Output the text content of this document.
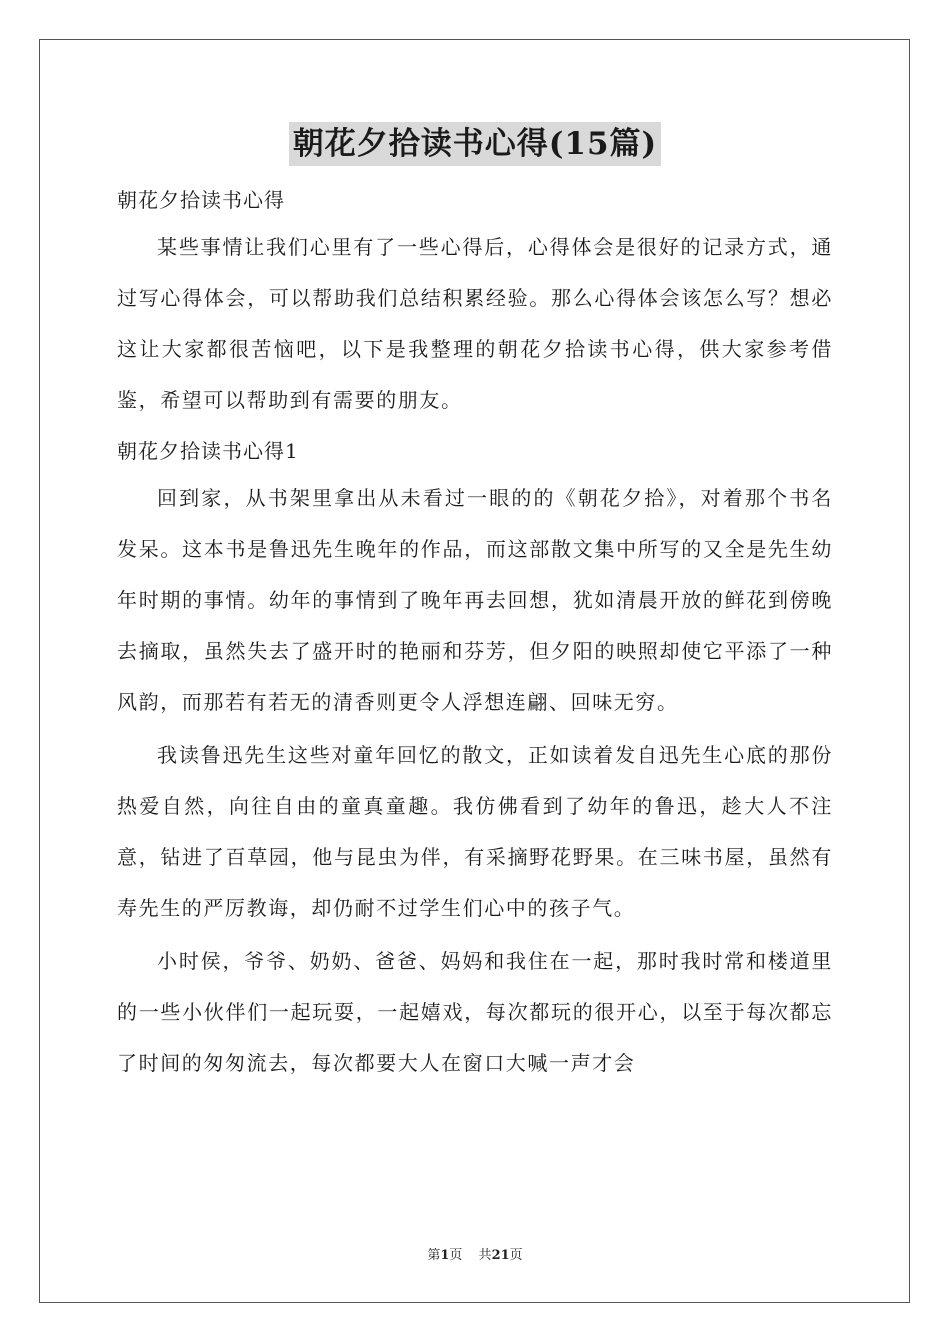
朝花夕拾读书心得(15篇)

朝花夕拾读书心得

某些事情让我们心里有了一些心得后，心得体会是很好的记录方式，通过写心得体会，可以帮助我们总结积累经验。那么心得体会该怎么写？想必这让大家都很苦恼吧，以下是我整理的朝花夕拾读书心得，供大家参考借鉴，希望可以帮助到有需要的朋友。

朝花夕拾读书心得1

回到家，从书架里拿出从未看过一眼的的《朝花夕拾》，对着那个书名发呆。这本书是鲁迅先生晚年的作品，而这部散文集中所写的又全是先生幼年时期的事情。幼年的事情到了晚年再去回想，犹如清晨开放的鲜花到傍晚去摘取，虽然失去了盛开时的艳丽和芬芳，但夕阳的映照却使它平添了一种风韵，而那若有若无的清香则更令人浮想连翩、回味无穷。

我读鲁迅先生这些对童年回忆的散文，正如读着发自迅先生心底的那份热爱自然，向往自由的童真童趣。我仿佛看到了幼年的鲁迅，趁大人不注意，钻进了百草园，他与昆虫为伴，有采摘野花野果。在三味书屋，虽然有寿先生的严厉教诲，却仍耐不过学生们心中的孩子气。

小时侯，爷爷、奶奶、爸爸、妈妈和我住在一起，那时我时常和楼道里的一些小伙伴们一起玩耍，一起嬉戏，每次都玩的很开心，以至于每次都忘了时间的匆匆流去，每次都要大人在窗口大喊一声才会

第1页 共21页
